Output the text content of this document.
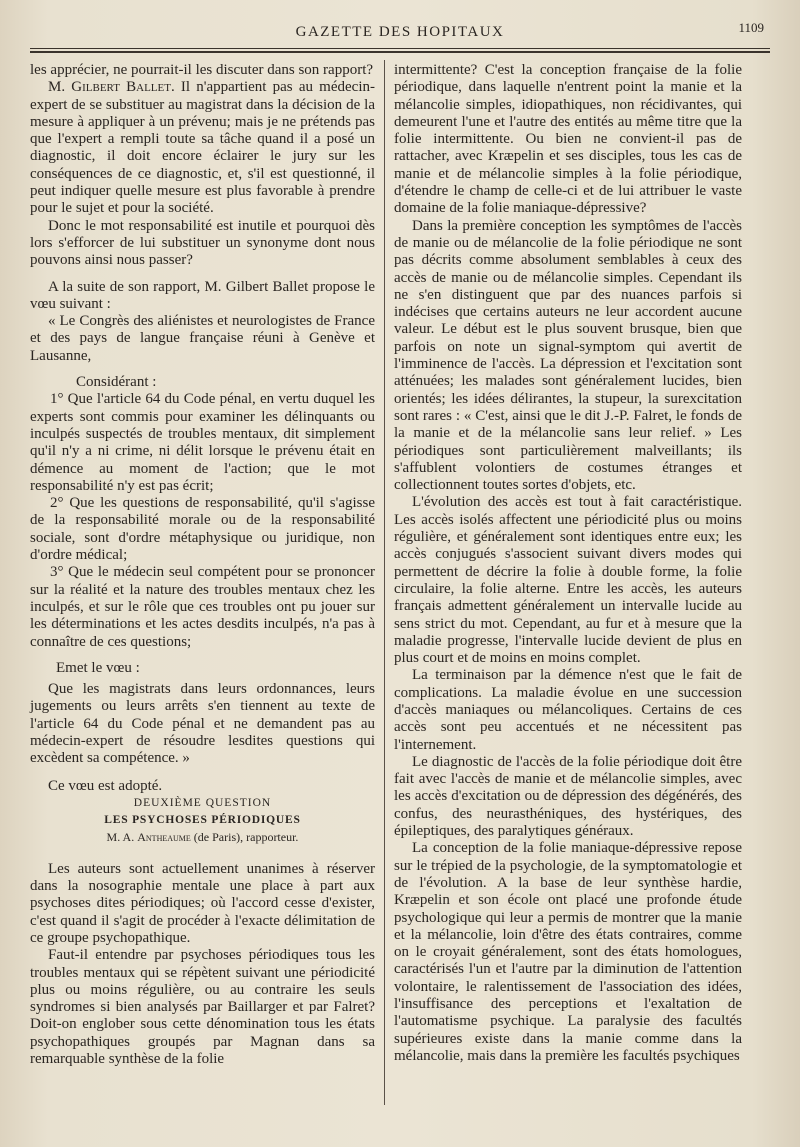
GAZETTE DES HOPITAUX	1109

les apprécier, ne pourrait-il les discuter dans son rapport?

M. Gilbert Ballet. Il n'appartient pas au médecin-expert de se substituer au magistrat dans la décision de la mesure à appliquer à un prévenu; mais je ne prétends pas que l'expert a rempli toute sa tâche quand il a posé un diagnostic, il doit encore éclairer le jury sur les conséquences de ce diagnostic, et, s'il est questionné, il peut indiquer quelle mesure est plus favorable à prendre pour le sujet et pour la société.

Donc le mot responsabilité est inutile et pourquoi dès lors s'efforcer de lui substituer un synonyme dont nous pouvons ainsi nous passer?

A la suite de son rapport, M. Gilbert Ballet propose le vœu suivant :

« Le Congrès des aliénistes et neurologistes de France et des pays de langue française réuni à Genève et Lausanne,

Considérant :

1° Que l'article 64 du Code pénal, en vertu duquel les experts sont commis pour examiner les délinquants ou inculpés suspectés de troubles mentaux, dit simplement qu'il n'y a ni crime, ni délit lorsque le prévenu était en démence au moment de l'action; que le mot responsabilité n'y est pas écrit;

2° Que les questions de responsabilité, qu'il s'agisse de la responsabilité morale ou de la responsabilité sociale, sont d'ordre métaphysique ou juridique, non d'ordre médical;

3° Que le médecin seul compétent pour se prononcer sur la réalité et la nature des troubles mentaux chez les inculpés, et sur le rôle que ces troubles ont pu jouer sur les déterminations et les actes desdits inculpés, n'a pas à connaître de ces questions;

Emet le vœu :

Que les magistrats dans leurs ordonnances, leurs jugements ou leurs arrêts s'en tiennent au texte de l'article 64 du Code pénal et ne demandent pas au médecin-expert de résoudre lesdites questions qui excèdent sa compétence. »

Ce vœu est adopté.

DEUXIÈME QUESTION

LES PSYCHOSES PÉRIODIQUES

M. A. Antheaume (de Paris), rapporteur.

Les auteurs sont actuellement unanimes à réserver dans la nosographie mentale une place à part aux psychoses dites périodiques; où l'accord cesse d'exister, c'est quand il s'agit de procéder à l'exacte délimitation de ce groupe psychopathique.

Faut-il entendre par psychoses périodiques tous les troubles mentaux qui se répètent suivant une périodicité plus ou moins régulière, ou au contraire les seuls syndromes si bien analysés par Baillarger et par Falret? Doit-on englober sous cette dénomination tous les états psychopathiques groupés par Magnan dans sa remarquable synthèse de la folie

intermittente? C'est la conception française de la folie périodique, dans laquelle n'entrent point la manie et la mélancolie simples, idiopathiques, non récidivantes, qui demeurent l'une et l'autre des entités au même titre que la folie intermittente. Ou bien ne convient-il pas de rattacher, avec Kræpelin et ses disciples, tous les cas de manie et de mélancolie simples à la folie périodique, d'étendre le champ de celle-ci et de lui attribuer le vaste domaine de la folie maniaque-dépressive?

Dans la première conception les symptômes de l'accès de manie ou de mélancolie de la folie périodique ne sont pas décrits comme absolument semblables à ceux des accès de manie ou de mélancolie simples. Cependant ils ne s'en distinguent que par des nuances parfois si indécises que certains auteurs ne leur accordent aucune valeur. Le début est le plus souvent brusque, bien que parfois on note un signal-symptom qui avertit de l'imminence de l'accès. La dépression et l'excitation sont atténuées; les malades sont généralement lucides, bien orientés; les idées délirantes, la stupeur, la surexcitation sont rares : « C'est, ainsi que le dit J.-P. Falret, le fonds de la manie et de la mélancolie sans leur relief. » Les périodiques sont particulièrement malveillants; ils s'affublent volontiers de costumes étranges et collectionnent toutes sortes d'objets, etc.

L'évolution des accès est tout à fait caractéristique. Les accès isolés affectent une périodicité plus ou moins régulière, et généralement sont identiques entre eux; les accès conjugués s'associent suivant divers modes qui permettent de décrire la folie à double forme, la folie circulaire, la folie alterne. Entre les accès, les auteurs français admettent généralement un intervalle lucide au sens strict du mot. Cependant, au fur et à mesure que la maladie progresse, l'intervalle lucide devient de plus en plus court et de moins en moins complet.

La terminaison par la démence n'est que le fait de complications. La maladie évolue en une succession d'accès maniaques ou mélancoliques. Certains de ces accès sont peu accentués et ne nécessitent pas l'internement.

Le diagnostic de l'accès de la folie périodique doit être fait avec l'accès de manie et de mélancolie simples, avec les accès d'excitation ou de dépression des dégénérés, des confus, des neurasthéniques, des hystériques, des épileptiques, des paralytiques généraux.

La conception de la folie maniaque-dépressive repose sur le trépied de la psychologie, de la symptomatologie et de l'évolution. A la base de leur synthèse hardie, Kræpelin et son école ont placé une profonde étude psychologique qui leur a permis de montrer que la manie et la mélancolie, loin d'être des états contraires, comme on le croyait généralement, sont des états homologues, caractérisés l'un et l'autre par la diminution de l'attention volontaire, le ralentissement de l'association des idées, l'insuffisance des perceptions et l'exaltation de l'automatisme psychique. La paralysie des facultés supérieures existe dans la manie comme dans la mélancolie, mais dans la première les facultés psychiques
